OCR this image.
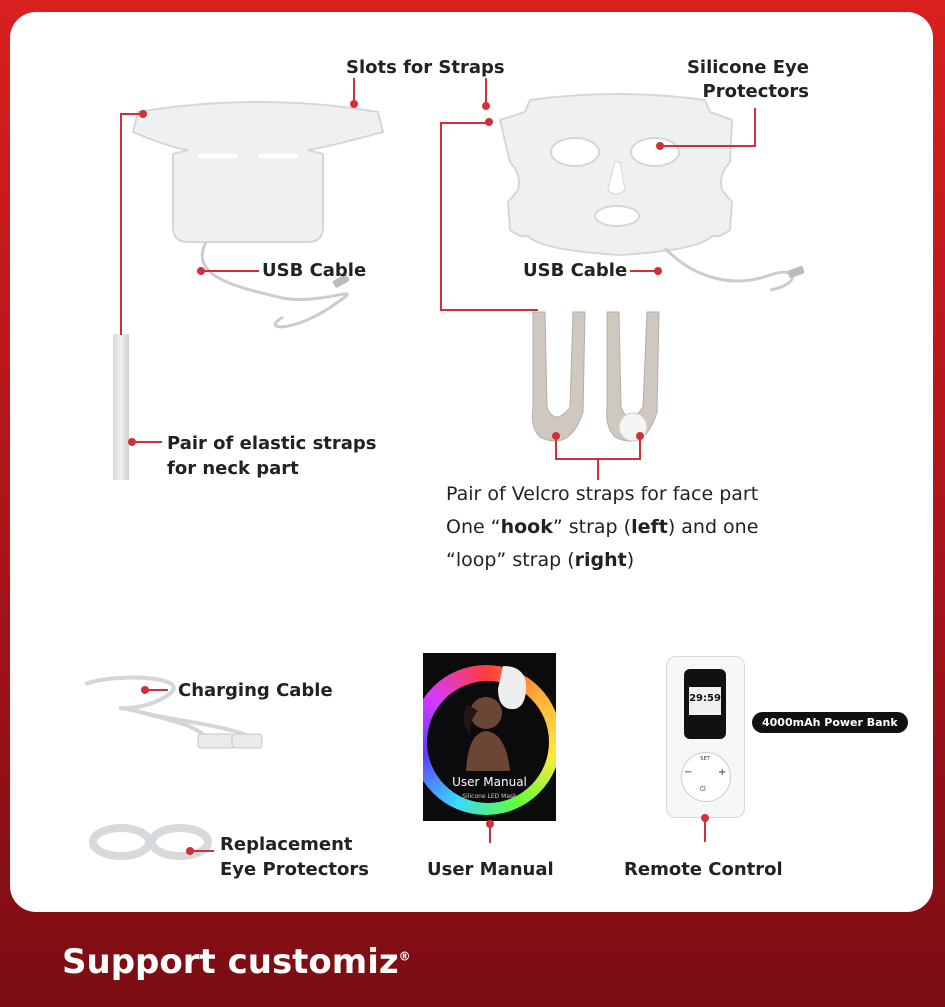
Slots for Straps	Silicone Eye
Protectors
USB Cable	USB Cable
Pair of elastic straps
for neck part
Pair of Velcro straps for face part
One “hook” strap (left) and one
“loop” strap (right)
Charging Cable
Replacement
Eye Protectors
User Manual
Silicone LED Mask
User Manual
29:59
SET
−	+
⏻
4000mAh Power Bank
Remote Control
Support customiz®
